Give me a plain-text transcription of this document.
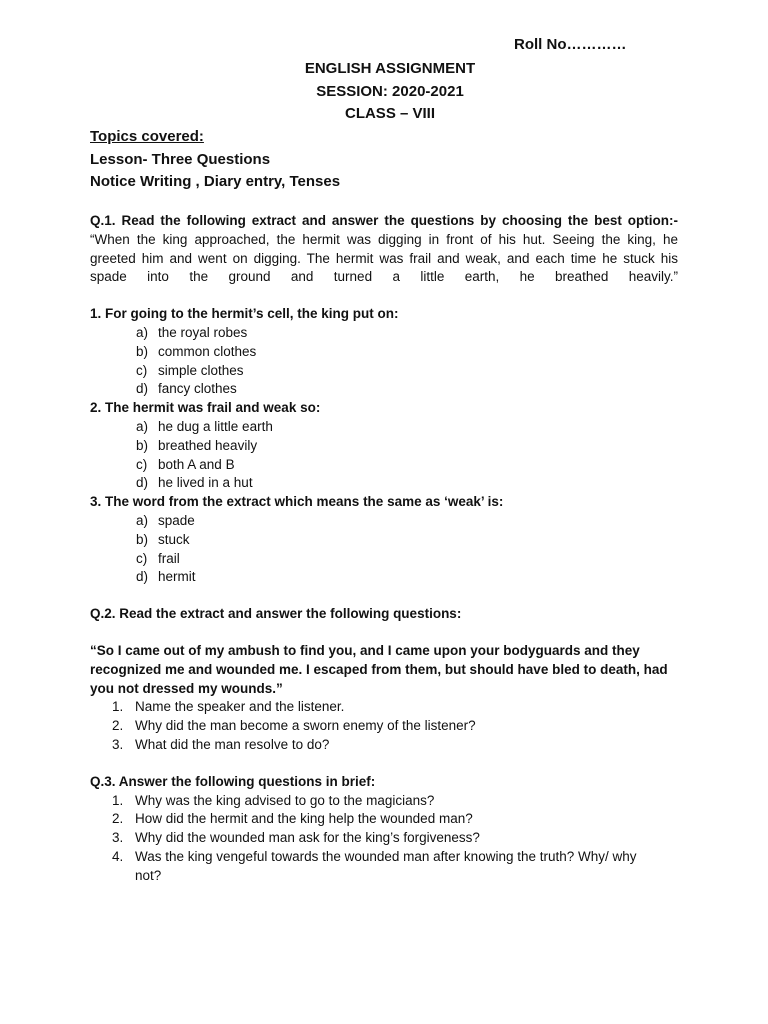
Roll No…………
ENGLISH ASSIGNMENT
SESSION: 2020-2021
CLASS – VIII
Topics covered:
Lesson- Three Questions
Notice Writing , Diary entry, Tenses
Q.1. Read the following extract and answer the questions by choosing the best option:-
“When the king approached, the hermit was digging in front of his hut. Seeing the king, he
greeted him and went on digging. The hermit was frail and weak, and each time he stuck his
spade into the ground and turned a little earth, he breathed heavily.”
1. For going to the hermit’s cell, the king put on:
a) the royal robes
b) common clothes
c) simple clothes
d) fancy clothes
2. The hermit was frail and weak so:
a) he dug a little earth
b) breathed heavily
c) both A and B
d) he lived in a hut
3. The word from the extract which means the same as ‘weak’ is:
a) spade
b) stuck
c) frail
d) hermit
Q.2. Read the extract and answer the following questions:
“So I came out of my ambush to find you, and I came upon your bodyguards and they
recognized me and wounded me. I escaped from them, but should have bled to death, had
you not dressed my wounds.”
1. Name the speaker and the listener.
2. Why did the man become a sworn enemy of the listener?
3. What did the man resolve to do?
Q.3. Answer the following questions in brief:
1. Why was the king advised to go to the magicians?
2. How did the hermit and the king help the wounded man?
3. Why did the wounded man ask for the king’s forgiveness?
4. Was the king vengeful towards the wounded man after knowing the truth? Why/ why
not?
